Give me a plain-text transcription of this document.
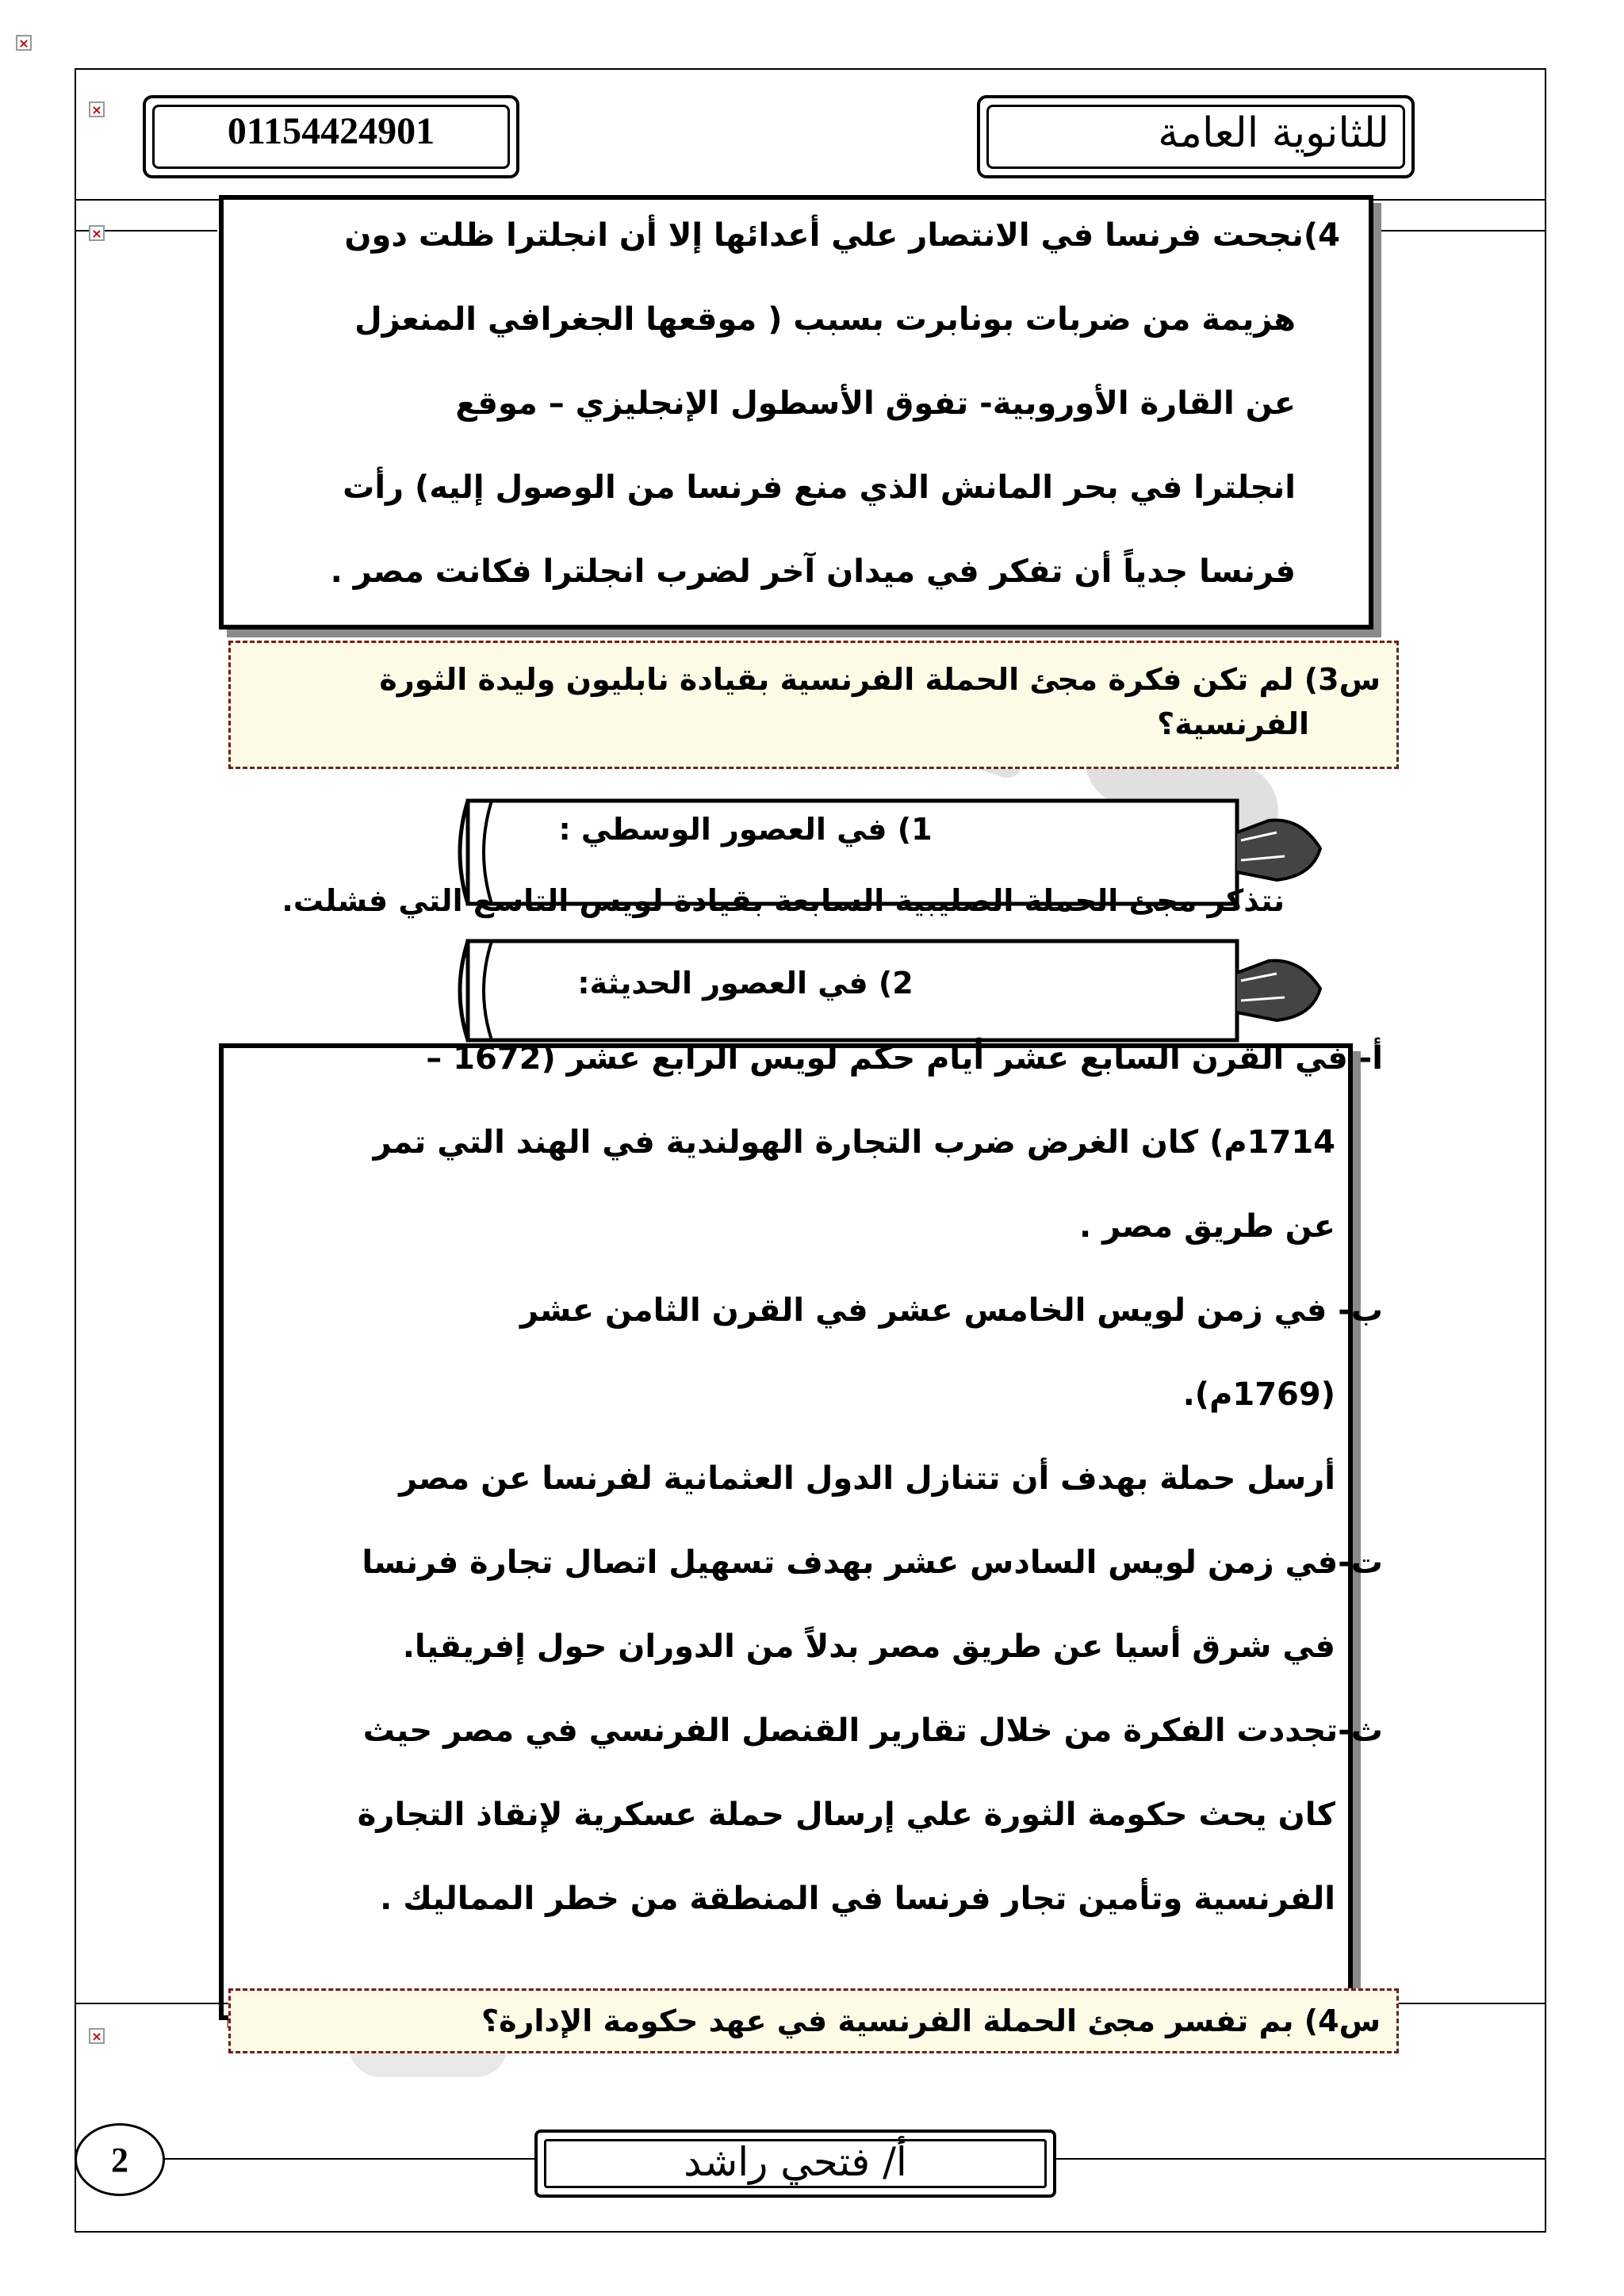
×
×
01154424901	للثانوية العامة
×	4)نجحت فرنسا في الانتصار علي أعدائها إلا أن انجلترا ظلت دون
هزيمة من ضربات بونابرت بسبب ( موقعها الجغرافي المنعزل
عن القارة الأوروبية- تفوق الأسطول الإنجليزي – موقع
انجلترا في بحر المانش الذي منع فرنسا من الوصول إليه) رأت
فرنسا جدياً أن تفكر في ميدان آخر لضرب انجلترا فكانت مصر .
س3) لم تكن فكرة مجئ الحملة الفرنسية بقيادة نابليون وليدة الثورة
الفرنسية؟
1) في العصور الوسطي :
نتذكر مجئ الحملة الصليبية السابعة بقيادة لويس التاسع التي فشلت.
2) في العصور الحديثة:
أ- في القرن السابع عشر أيام حكم لويس الرابع عشر (1672 –
1714م) كان الغرض ضرب التجارة الهولندية في الهند التي تمر
عن طريق مصر .
ب- في زمن لويس الخامس عشر في القرن الثامن عشر
(1769م).
أرسل حملة بهدف أن تتنازل الدول العثمانية لفرنسا عن مصر
ت-في زمن لويس السادس عشر بهدف تسهيل اتصال تجارة فرنسا
في شرق أسيا عن طريق مصر بدلاً من الدوران حول إفريقيا.
ث-تجددت الفكرة من خلال تقارير القنصل الفرنسي في مصر حيث
كان يحث حكومة الثورة علي إرسال حملة عسكرية لإنقاذ التجارة
الفرنسية وتأمين تجار فرنسا في المنطقة من خطر المماليك .
×	س4) بم تفسر مجئ الحملة الفرنسية في عهد حكومة الإدارة؟
2	أ/ فتحي راشد
